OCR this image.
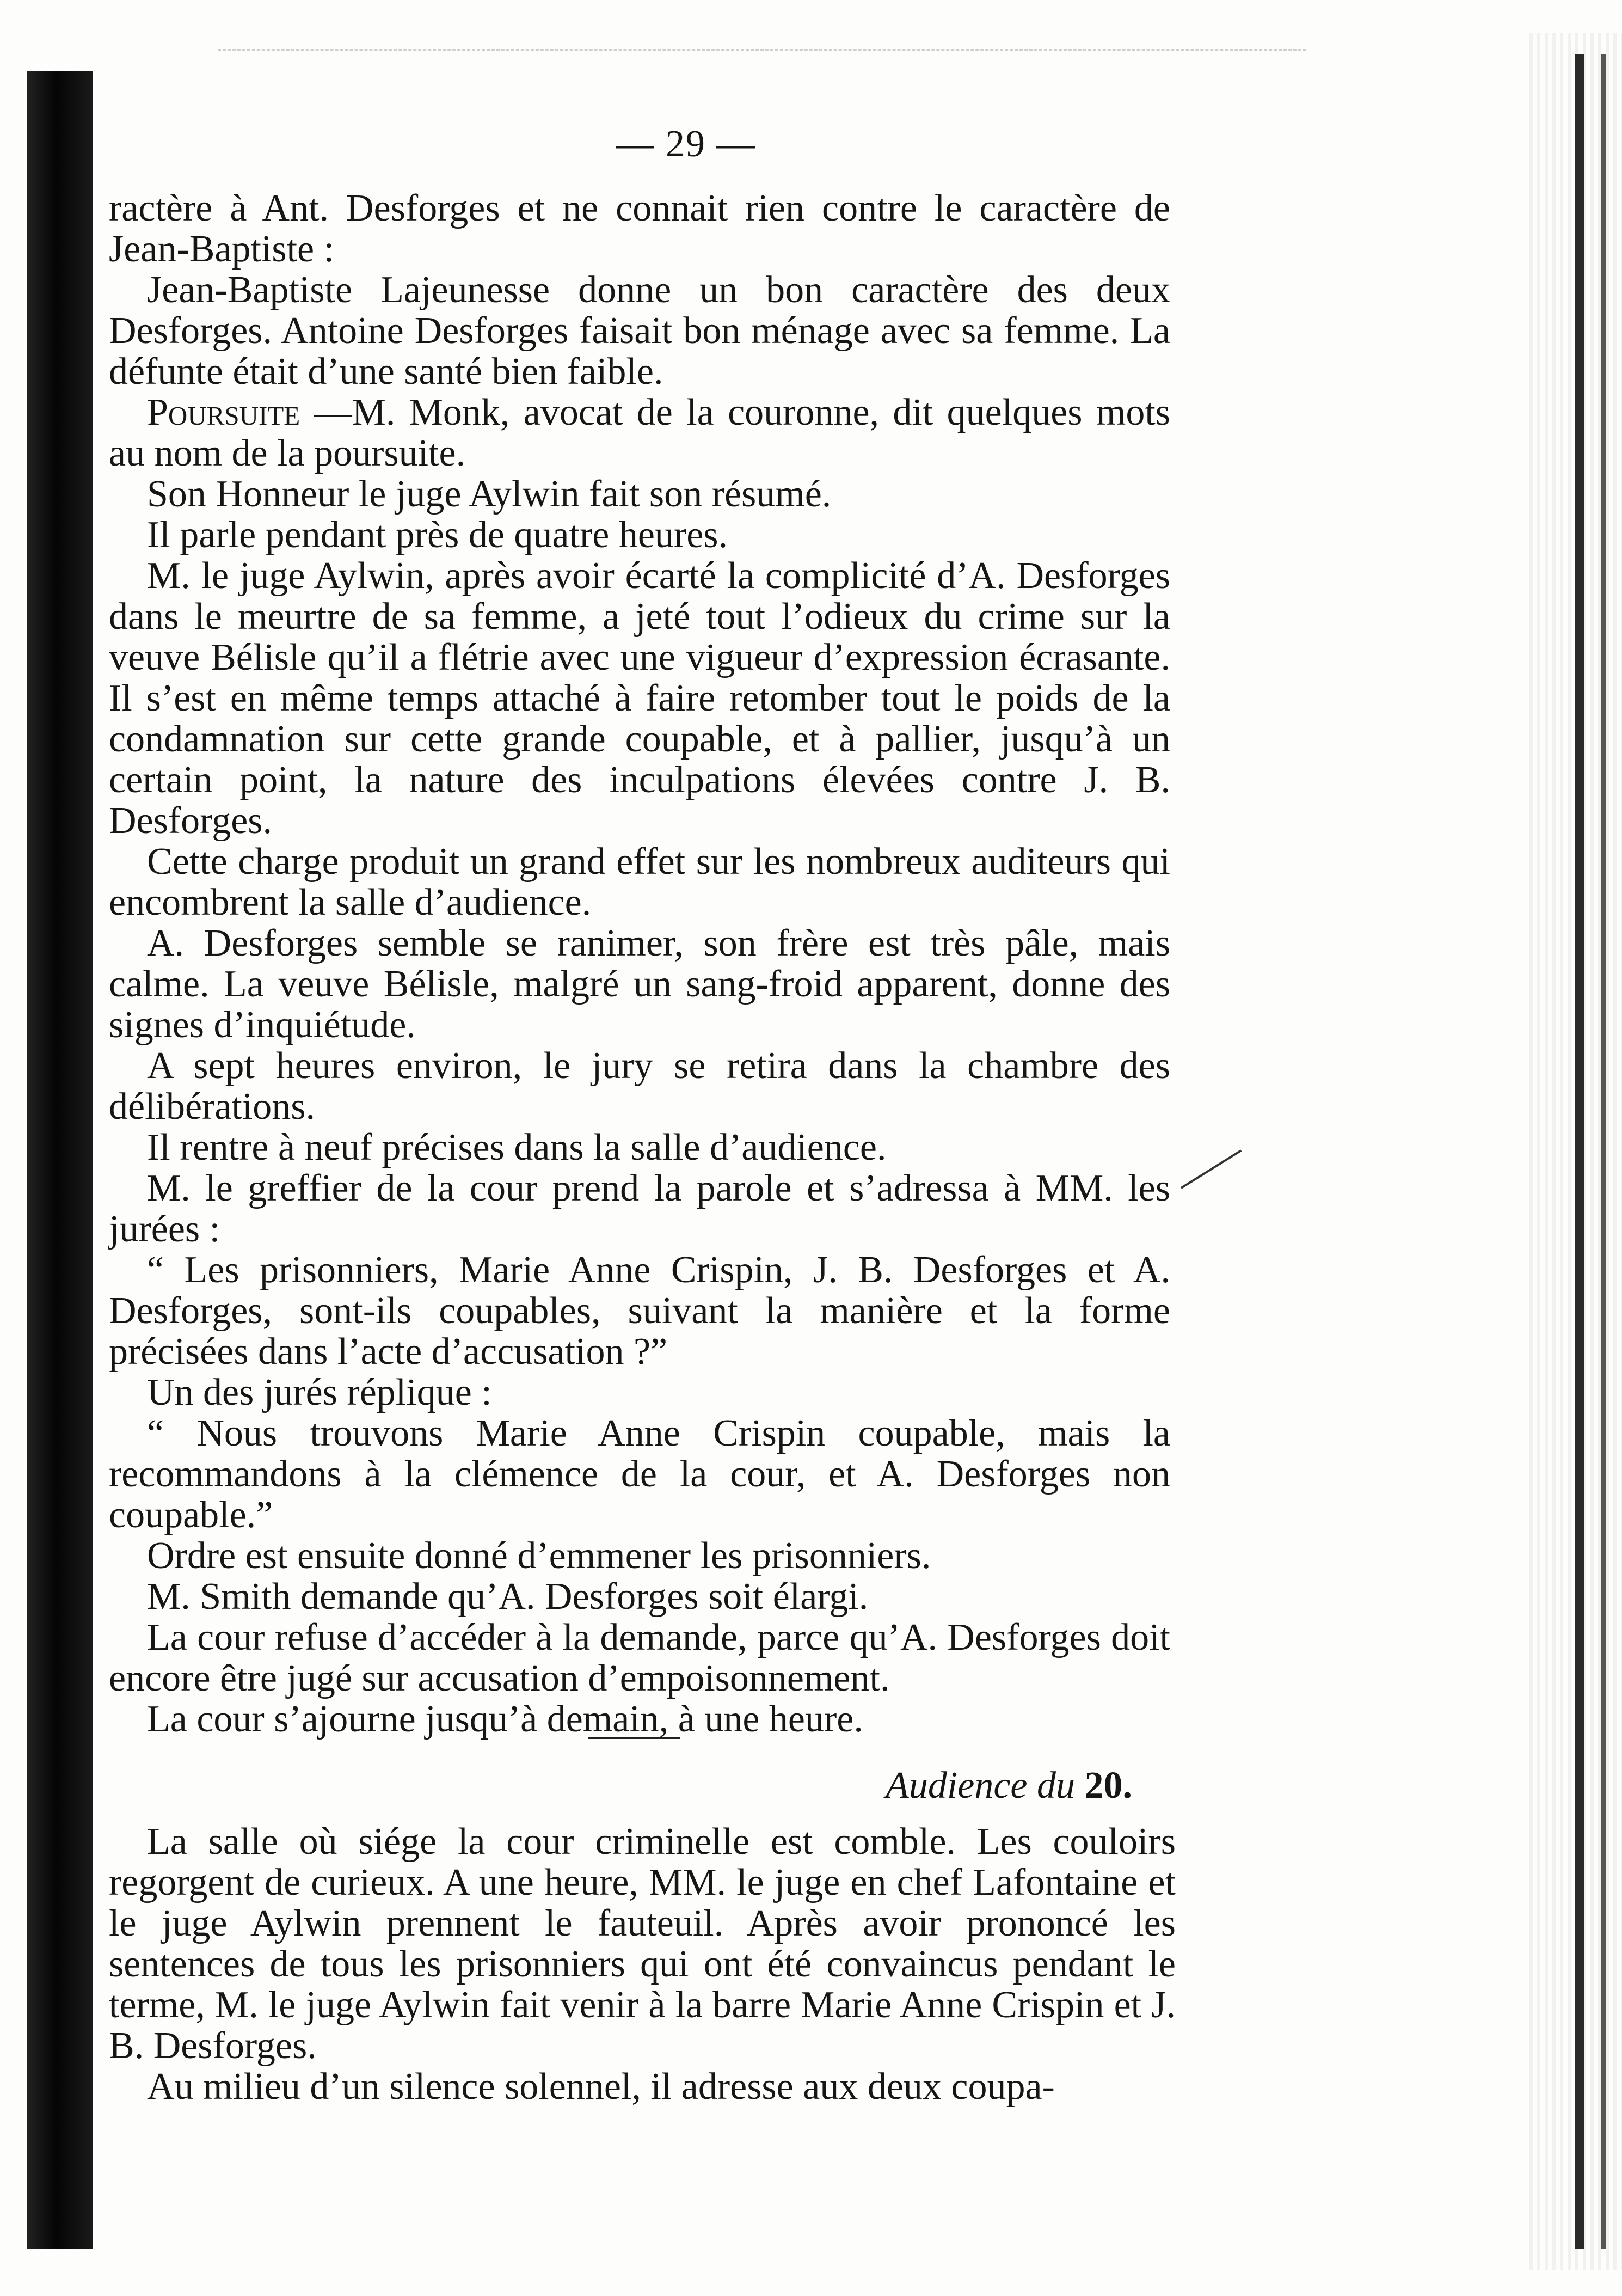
— 29 —

ractère à Ant. Desforges et ne connait rien contre le caractère de Jean-Baptiste :

Jean-Baptiste Lajeunesse donne un bon caractère des deux Desforges. Antoine Desforges faisait bon ménage avec sa femme. La défunte était d’une santé bien faible.

Poursuite —M. Monk, avocat de la couronne, dit quelques mots au nom de la poursuite.

Son Honneur le juge Aylwin fait son résumé.

Il parle pendant près de quatre heures.

M. le juge Aylwin, après avoir écarté la complicité d’A. Desforges dans le meurtre de sa femme, a jeté tout l’odieux du crime sur la veuve Bélisle qu’il a flétrie avec une vigueur d’expression écrasante. Il s’est en même temps attaché à faire retomber tout le poids de la condamnation sur cette grande coupable, et à pallier, jusqu’à un certain point, la nature des inculpations élevées contre J. B. Desforges.

Cette charge produit un grand effet sur les nombreux auditeurs qui encombrent la salle d’audience.

A. Desforges semble se ranimer, son frère est très pâle, mais calme. La veuve Bélisle, malgré un sang-froid apparent, donne des signes d’inquiétude.

A sept heures environ, le jury se retira dans la chambre des délibérations.

Il rentre à neuf précises dans la salle d’audience.

M. le greffier de la cour prend la parole et s’adressa à MM. les jurées :

“ Les prisonniers, Marie Anne Crispin, J. B. Desforges et A. Desforges, sont-ils coupables, suivant la manière et la forme précisées dans l’acte d’accusation ?”

Un des jurés réplique :

“ Nous trouvons Marie Anne Crispin coupable, mais la recommandons à la clémence de la cour, et A. Desforges non coupable.”

Ordre est ensuite donné d’emmener les prisonniers.

M. Smith demande qu’A. Desforges soit élargi.

La cour refuse d’accéder à la demande, parce qu’A. Desforges doit encore être jugé sur accusation d’empoisonnement.

La cour s’ajourne jusqu’à demain, à une heure.

Audience du 20.

La salle où siége la cour criminelle est comble. Les couloirs regorgent de curieux. A une heure, MM. le juge en chef Lafontaine et le juge Aylwin prennent le fauteuil. Après avoir prononcé les sentences de tous les prisonniers qui ont été convaincus pendant le terme, M. le juge Aylwin fait venir à la barre Marie Anne Crispin et J. B. Desforges.

Au milieu d’un silence solennel, il adresse aux deux coupa-
